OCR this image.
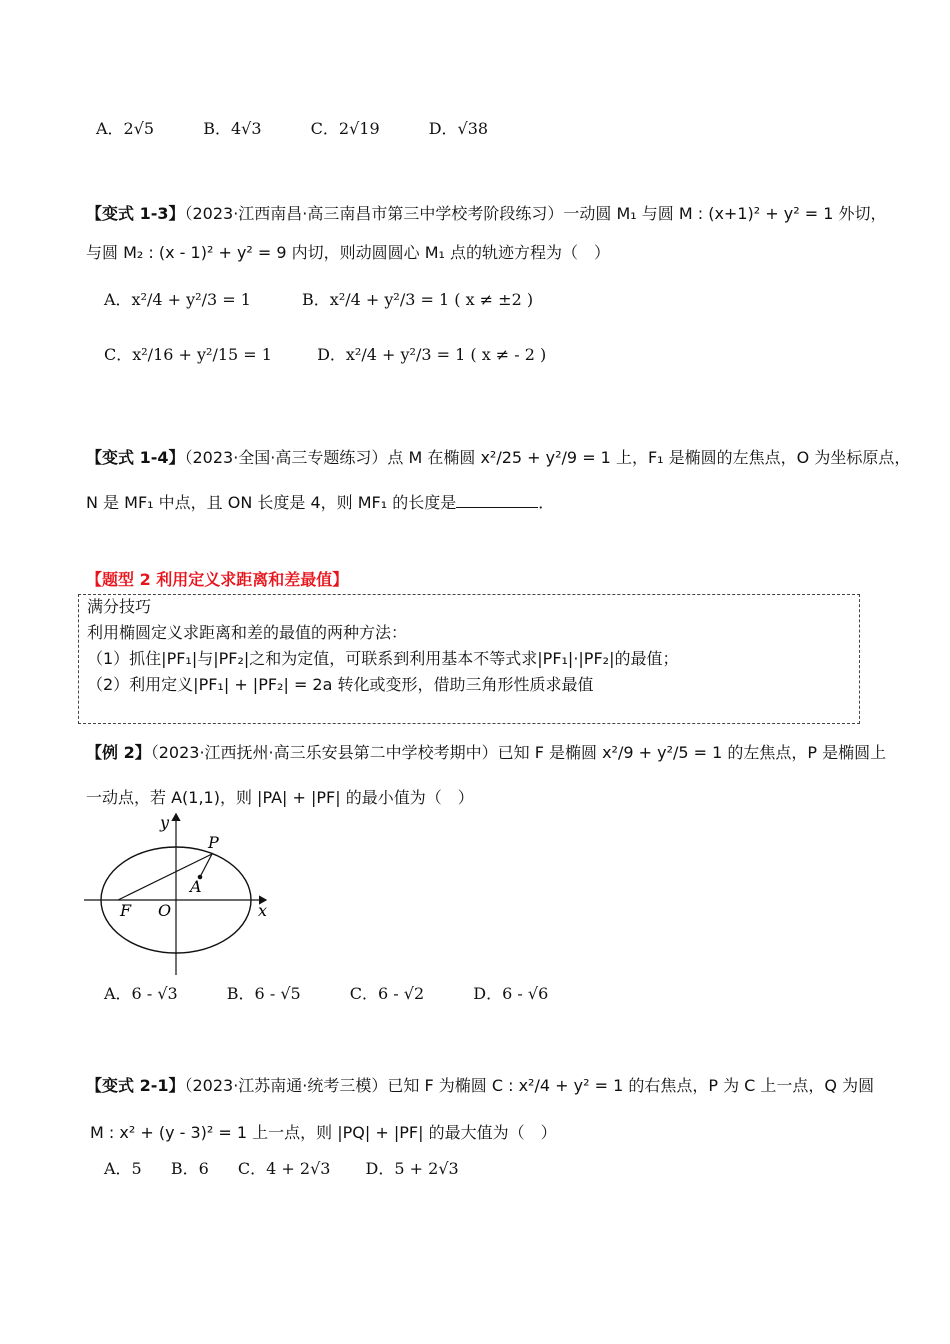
A．2√5	B．4√3	C．2√19	D．√38
【变式 1-3】（2023·江西南昌·高三南昌市第三中学校考阶段练习）一动圆 M₁ 与圆 M : (x+1)² + y² = 1 外切，
与圆 M₂ : (x - 1)² + y² = 9 内切，则动圆圆心 M₁ 点的轨迹方程为（　）
A．x²/4 + y²/3 = 1	B．x²/4 + y²/3 = 1 ( x ≠ ±2 )
C．x²/16 + y²/15 = 1	D．x²/4 + y²/3 = 1 ( x ≠ - 2 )
【变式 1-4】（2023·全国·高三专题练习）点 M 在椭圆 x²/25 + y²/9 = 1 上，F₁ 是椭圆的左焦点，O 为坐标原点，
N 是 MF₁ 中点，且 ON 长度是 4，则 MF₁ 的长度是	．
【题型 2 利用定义求距离和差最值】
满分技巧
利用椭圆定义求距离和差的最值的两种方法：
（1）抓住|PF₁|与|PF₂|之和为定值，可联系到利用基本不等式求|PF₁|·|PF₂|的最值；
（2）利用定义|PF₁| + |PF₂| = 2a 转化或变形，借助三角形性质求最值
【例 2】（2023·江西抚州·高三乐安县第二中学校考期中）已知 F 是椭圆 x²/9 + y²/5 = 1 的左焦点，P 是椭圆上
一动点，若 A(1,1)，则 |PA| + |PF| 的最小值为（　）
x
y
P
A
F O
A．6 - √3	B．6 - √5	C．6 - √2	D．6 - √6
【变式 2-1】（2023·江苏南通·统考三模）已知 F 为椭圆 C : x²/4 + y² = 1 的右焦点，P 为 C 上一点，Q 为圆
M : x² + (y - 3)² = 1 上一点，则 |PQ| + |PF| 的最大值为（　）
A．5 B．6 C．4 + 2√3 D．5 + 2√3
